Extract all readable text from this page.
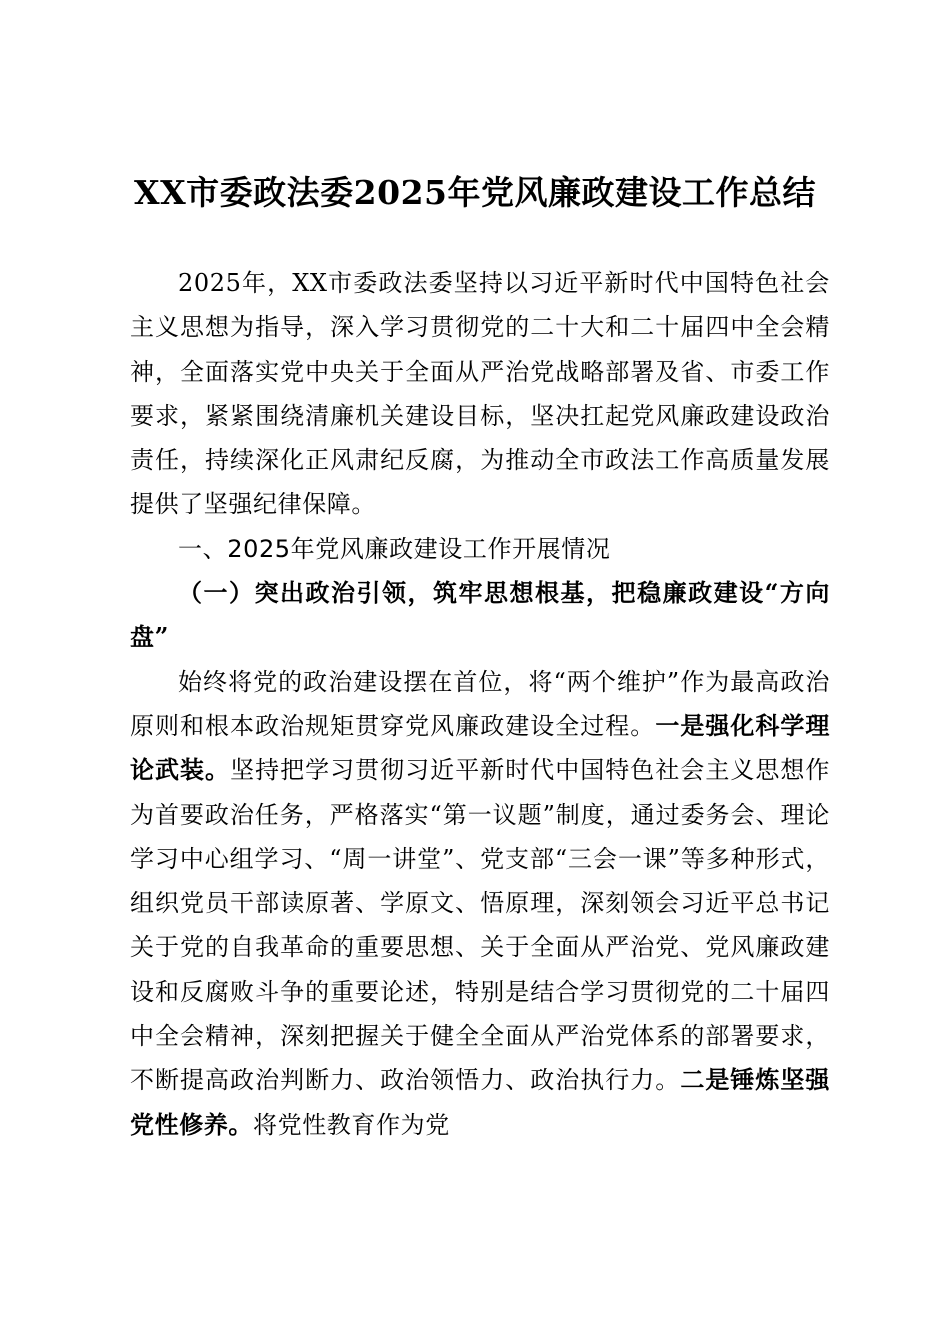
XX市委政法委2025年党风廉政建设工作总结

2025年，XX市委政法委坚持以习近平新时代中国特色社会主义思想为指导，深入学习贯彻党的二十大和二十届四中全会精神，全面落实党中央关于全面从严治党战略部署及省、市委工作要求，紧紧围绕清廉机关建设目标，坚决扛起党风廉政建设政治责任，持续深化正风肃纪反腐，为推动全市政法工作高质量发展提供了坚强纪律保障。

一、2025年党风廉政建设工作开展情况

（一）突出政治引领，筑牢思想根基，把稳廉政建设“方向盘”

始终将党的政治建设摆在首位，将“两个维护”作为最高政治原则和根本政治规矩贯穿党风廉政建设全过程。一是强化科学理论武装。坚持把学习贯彻习近平新时代中国特色社会主义思想作为首要政治任务，严格落实“第一议题”制度，通过委务会、理论学习中心组学习、“周一讲堂”、党支部“三会一课”等多种形式，组织党员干部读原著、学原文、悟原理，深刻领会习近平总书记关于党的自我革命的重要思想、关于全面从严治党、党风廉政建设和反腐败斗争的重要论述，特别是结合学习贯彻党的二十届四中全会精神，深刻把握关于健全全面从严治党体系的部署要求，不断提高政治判断力、政治领悟力、政治执行力。二是锤炼坚强党性修养。将党性教育作为党
